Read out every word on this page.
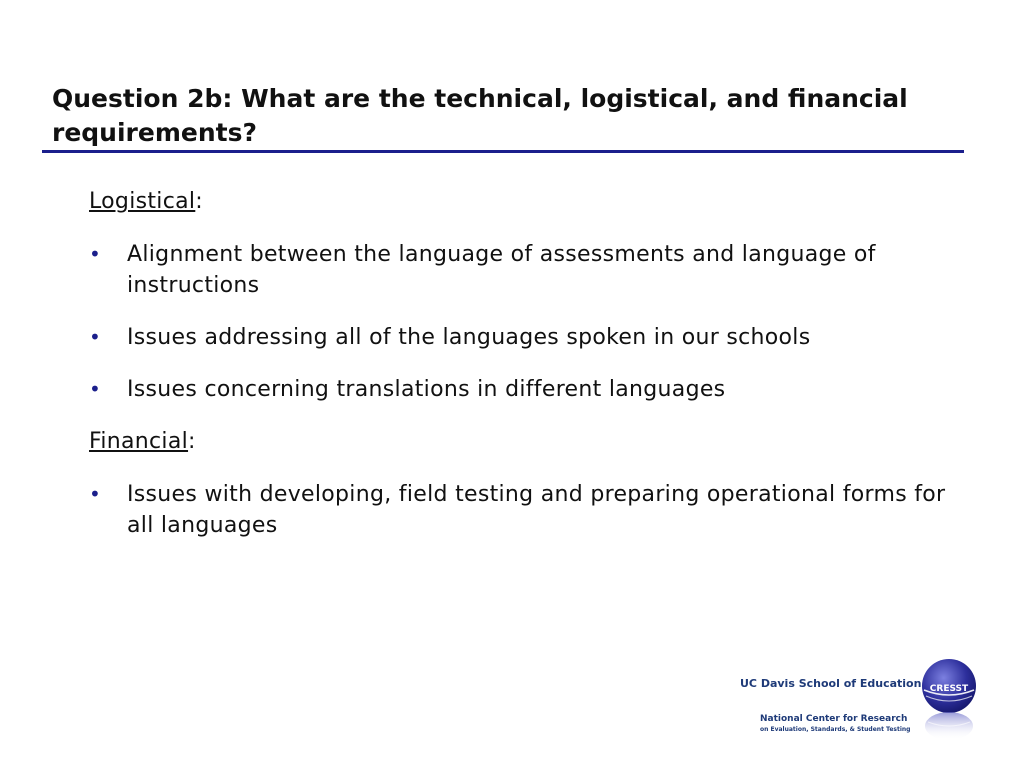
Question 2b: What are the technical, logistical, and financial requirements?

Logistical:

• Alignment between the language of assessments and language of instructions
• Issues addressing all of the languages spoken in our schools
• Issues concerning translations in different languages

Financial:

• Issues with developing, field testing and preparing operational forms for all languages
UC Davis School of Education
National Center for Research
on Evaluation, Standards, & Student Testing
CRESST
